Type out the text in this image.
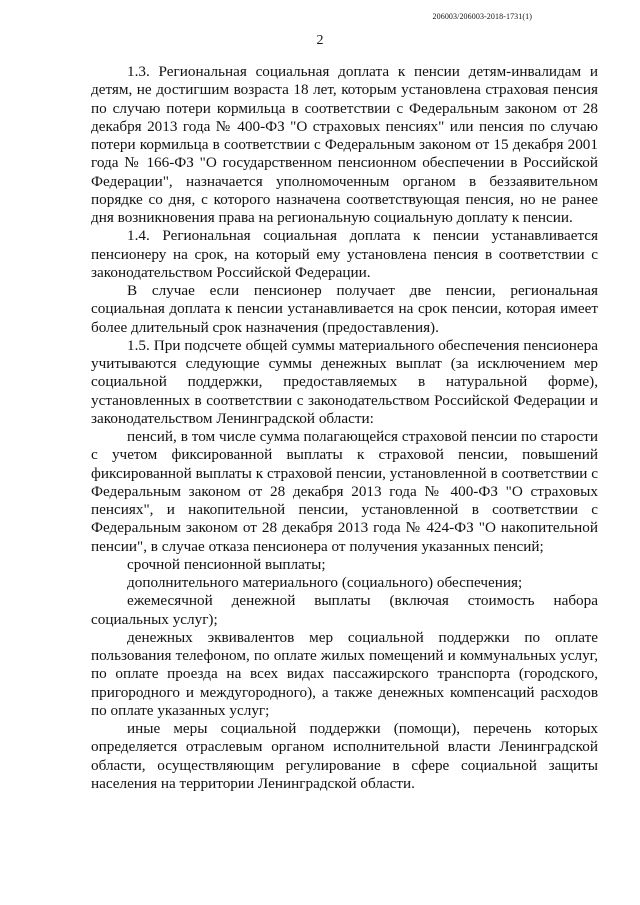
206003/206003-2018-1731(1)
2

1.3. Региональная социальная доплата к пенсии детям-инвалидам и детям, не достигшим возраста 18 лет, которым установлена страховая пенсия по случаю потери кормильца в соответствии с Федеральным законом от 28 декабря 2013 года № 400-ФЗ "О страховых пенсиях" или пенсия по случаю потери кормильца в соответствии с Федеральным законом от 15 декабря 2001 года № 166-ФЗ "О государственном пенсионном обеспечении в Российской Федерации", назначается уполномоченным органом в беззаявительном порядке со дня, с которого назначена соответствующая пенсия, но не ранее дня возникновения права на региональную социальную доплату к пенсии.

1.4. Региональная социальная доплата к пенсии устанавливается пенсионеру на срок, на который ему установлена пенсия в соответствии с законодательством Российской Федерации.

В случае если пенсионер получает две пенсии, региональная социальная доплата к пенсии устанавливается на срок пенсии, которая имеет более длительный срок назначения (предоставления).

1.5. При подсчете общей суммы материального обеспечения пенсионера учитываются следующие суммы денежных выплат (за исключением мер социальной поддержки, предоставляемых в натуральной форме), установленных в соответствии с законодательством Российской Федерации и законодательством Ленинградской области:

пенсий, в том числе сумма полагающейся страховой пенсии по старости с учетом фиксированной выплаты к страховой пенсии, повышений фиксированной выплаты к страховой пенсии, установленной в соответствии с Федеральным законом от 28 декабря 2013 года № 400-ФЗ "О страховых пенсиях", и накопительной пенсии, установленной в соответствии с Федеральным законом от 28 декабря 2013 года № 424-ФЗ "О накопительной пенсии", в случае отказа пенсионера от получения указанных пенсий;

срочной пенсионной выплаты;

дополнительного материального (социального) обеспечения;

ежемесячной денежной выплаты (включая стоимость набора социальных услуг);

денежных эквивалентов мер социальной поддержки по оплате пользования телефоном, по оплате жилых помещений и коммунальных услуг, по оплате проезда на всех видах пассажирского транспорта (городского, пригородного и междугородного), а также денежных компенсаций расходов по оплате указанных услуг;

иные меры социальной поддержки (помощи), перечень которых определяется отраслевым органом исполнительной власти Ленинградской области, осуществляющим регулирование в сфере социальной защиты населения на территории Ленинградской области.
